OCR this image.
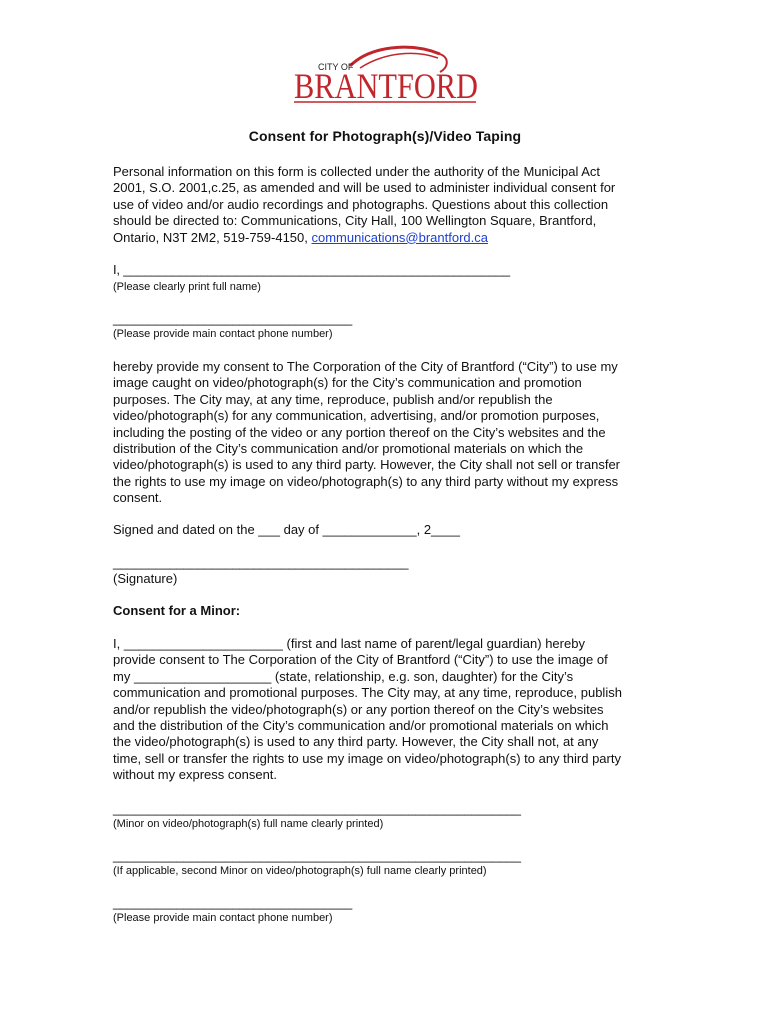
CITY OF
BRANTFORD
Consent for Photograph(s)/Video Taping
Personal information on this form is collected under the authority of the Municipal Act
2001, S.O. 2001,c.25, as amended and will be used to administer individual consent for
use of video and/or audio recordings and photographs. Questions about this collection
should be directed to: Communications, City Hall, 100 Wellington Square, Brantford,
Ontario, N3T 2M2, 519-759-4150, communications@brantford.ca
I, _______________________________________________________
(Please clearly print full name)
__________________________________
(Please provide main contact phone number)
hereby provide my consent to The Corporation of the City of Brantford (“City”) to use my
image caught on video/photograph(s) for the City’s communication and promotion
purposes. The City may, at any time, reproduce, publish and/or republish the
video/photograph(s) for any communication, advertising, and/or promotion purposes,
including the posting of the video or any portion thereof on the City’s websites and the
distribution of the City’s communication and/or promotional materials on which the
video/photograph(s) is used to any third party. However, the City shall not sell or transfer
the rights to use my image on video/photograph(s) to any third party without my express
consent.
Signed and dated on the ___ day of _____________, 2____
__________________________________________
(Signature)
Consent for a Minor:
I, ______________________ (first and last name of parent/legal guardian) hereby
provide consent to The Corporation of the City of Brantford (“City”) to use the image of
my ___________________ (state, relationship, e.g. son, daughter) for the City’s
communication and promotional purposes. The City may, at any time, reproduce, publish
and/or republish the video/photograph(s) or any portion thereof on the City’s websites
and the distribution of the City’s communication and/or promotional materials on which
the video/photograph(s) is used to any third party. However, the City shall not, at any
time, sell or transfer the rights to use my image on video/photograph(s) to any third party
without my express consent.
__________________________________________________________
(Minor on video/photograph(s) full name clearly printed)
__________________________________________________________
(If applicable, second Minor on video/photograph(s) full name clearly printed)
__________________________________
(Please provide main contact phone number)
